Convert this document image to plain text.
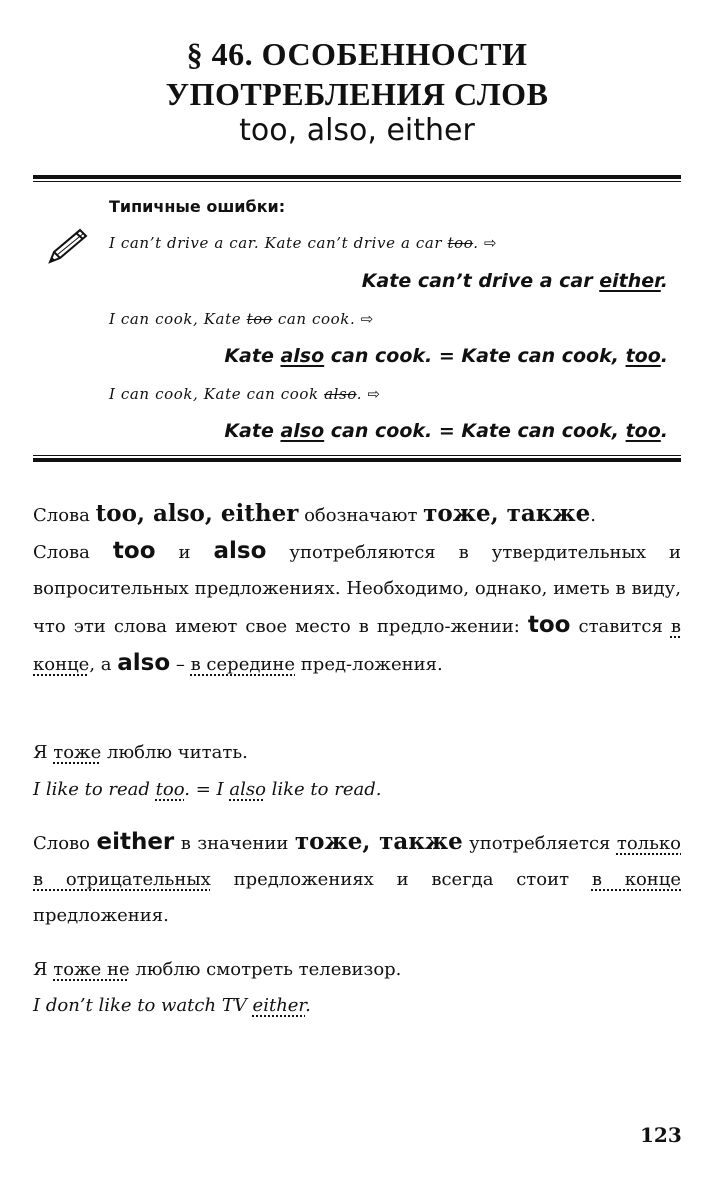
§ 46. ОСОБЕННОСТИ
УПОТРЕБЛЕНИЯ СЛОВ
too, also, either
Типичные ошибки:
I can’t drive a car. Kate can’t drive a car too. ⇨
Kate can’t drive a car either.
I can cook, Kate too can cook. ⇨
Kate also can cook. = Kate can cook, too.
I can cook, Kate can cook also. ⇨
Kate also can cook. = Kate can cook, too.
Слова too, also, either обозначают тоже, также.
Слова too и also употребляются в утвердительных и вопросительных предложениях. Необходимо, однако, иметь в виду, что эти слова имеют свое место в предло-жении: too ставится в конце, а also – в середине пред-ложения.
Я тоже люблю читать.
I like to read too. = I also like to read.
Слово either в значении тоже, также употребляется только в отрицательных предложениях и всегда стоит в конце предложения.
Я тоже не люблю смотреть телевизор.
I don’t like to watch TV either.
123
